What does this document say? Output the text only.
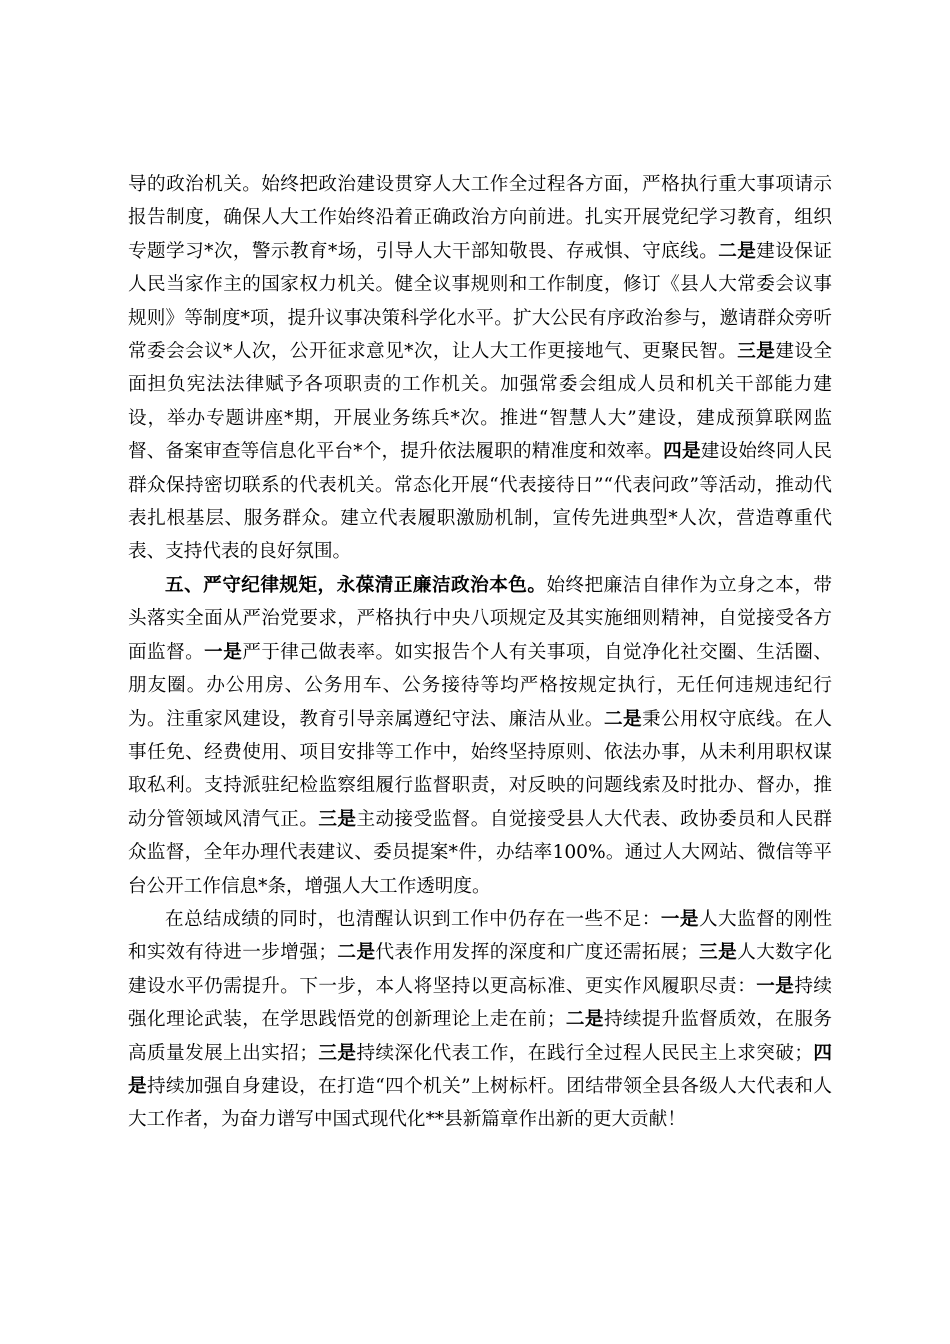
导的政治机关。始终把政治建设贯穿人大工作全过程各方面，严格执行重大事项请示报告制度，确保人大工作始终沿着正确政治方向前进。扎实开展党纪学习教育，组织专题学习*次，警示教育*场，引导人大干部知敬畏、存戒惧、守底线。二是建设保证人民当家作主的国家权力机关。健全议事规则和工作制度，修订《县人大常委会议事规则》等制度*项，提升议事决策科学化水平。扩大公民有序政治参与，邀请群众旁听常委会会议*人次，公开征求意见*次，让人大工作更接地气、更聚民智。三是建设全面担负宪法法律赋予各项职责的工作机关。加强常委会组成人员和机关干部能力建设，举办专题讲座*期，开展业务练兵*次。推进“智慧人大”建设，建成预算联网监督、备案审查等信息化平台*个，提升依法履职的精准度和效率。四是建设始终同人民群众保持密切联系的代表机关。常态化开展“代表接待日”“代表问政”等活动，推动代表扎根基层、服务群众。建立代表履职激励机制，宣传先进典型*人次，营造尊重代表、支持代表的良好氛围。

五、严守纪律规矩，永葆清正廉洁政治本色。始终把廉洁自律作为立身之本，带头落实全面从严治党要求，严格执行中央八项规定及其实施细则精神，自觉接受各方面监督。一是严于律己做表率。如实报告个人有关事项，自觉净化社交圈、生活圈、朋友圈。办公用房、公务用车、公务接待等均严格按规定执行，无任何违规违纪行为。注重家风建设，教育引导亲属遵纪守法、廉洁从业。二是秉公用权守底线。在人事任免、经费使用、项目安排等工作中，始终坚持原则、依法办事，从未利用职权谋取私利。支持派驻纪检监察组履行监督职责，对反映的问题线索及时批办、督办，推动分管领域风清气正。三是主动接受监督。自觉接受县人大代表、政协委员和人民群众监督，全年办理代表建议、委员提案*件，办结率100%。通过人大网站、微信等平台公开工作信息*条，增强人大工作透明度。

在总结成绩的同时，也清醒认识到工作中仍存在一些不足：一是人大监督的刚性和实效有待进一步增强；二是代表作用发挥的深度和广度还需拓展；三是人大数字化建设水平仍需提升。下一步，本人将坚持以更高标准、更实作风履职尽责：一是持续强化理论武装，在学思践悟党的创新理论上走在前；二是持续提升监督质效，在服务高质量发展上出实招；三是持续深化代表工作，在践行全过程人民民主上求突破；四是持续加强自身建设，在打造“四个机关”上树标杆。团结带领全县各级人大代表和人大工作者，为奋力谱写中国式现代化**县新篇章作出新的更大贡献！
